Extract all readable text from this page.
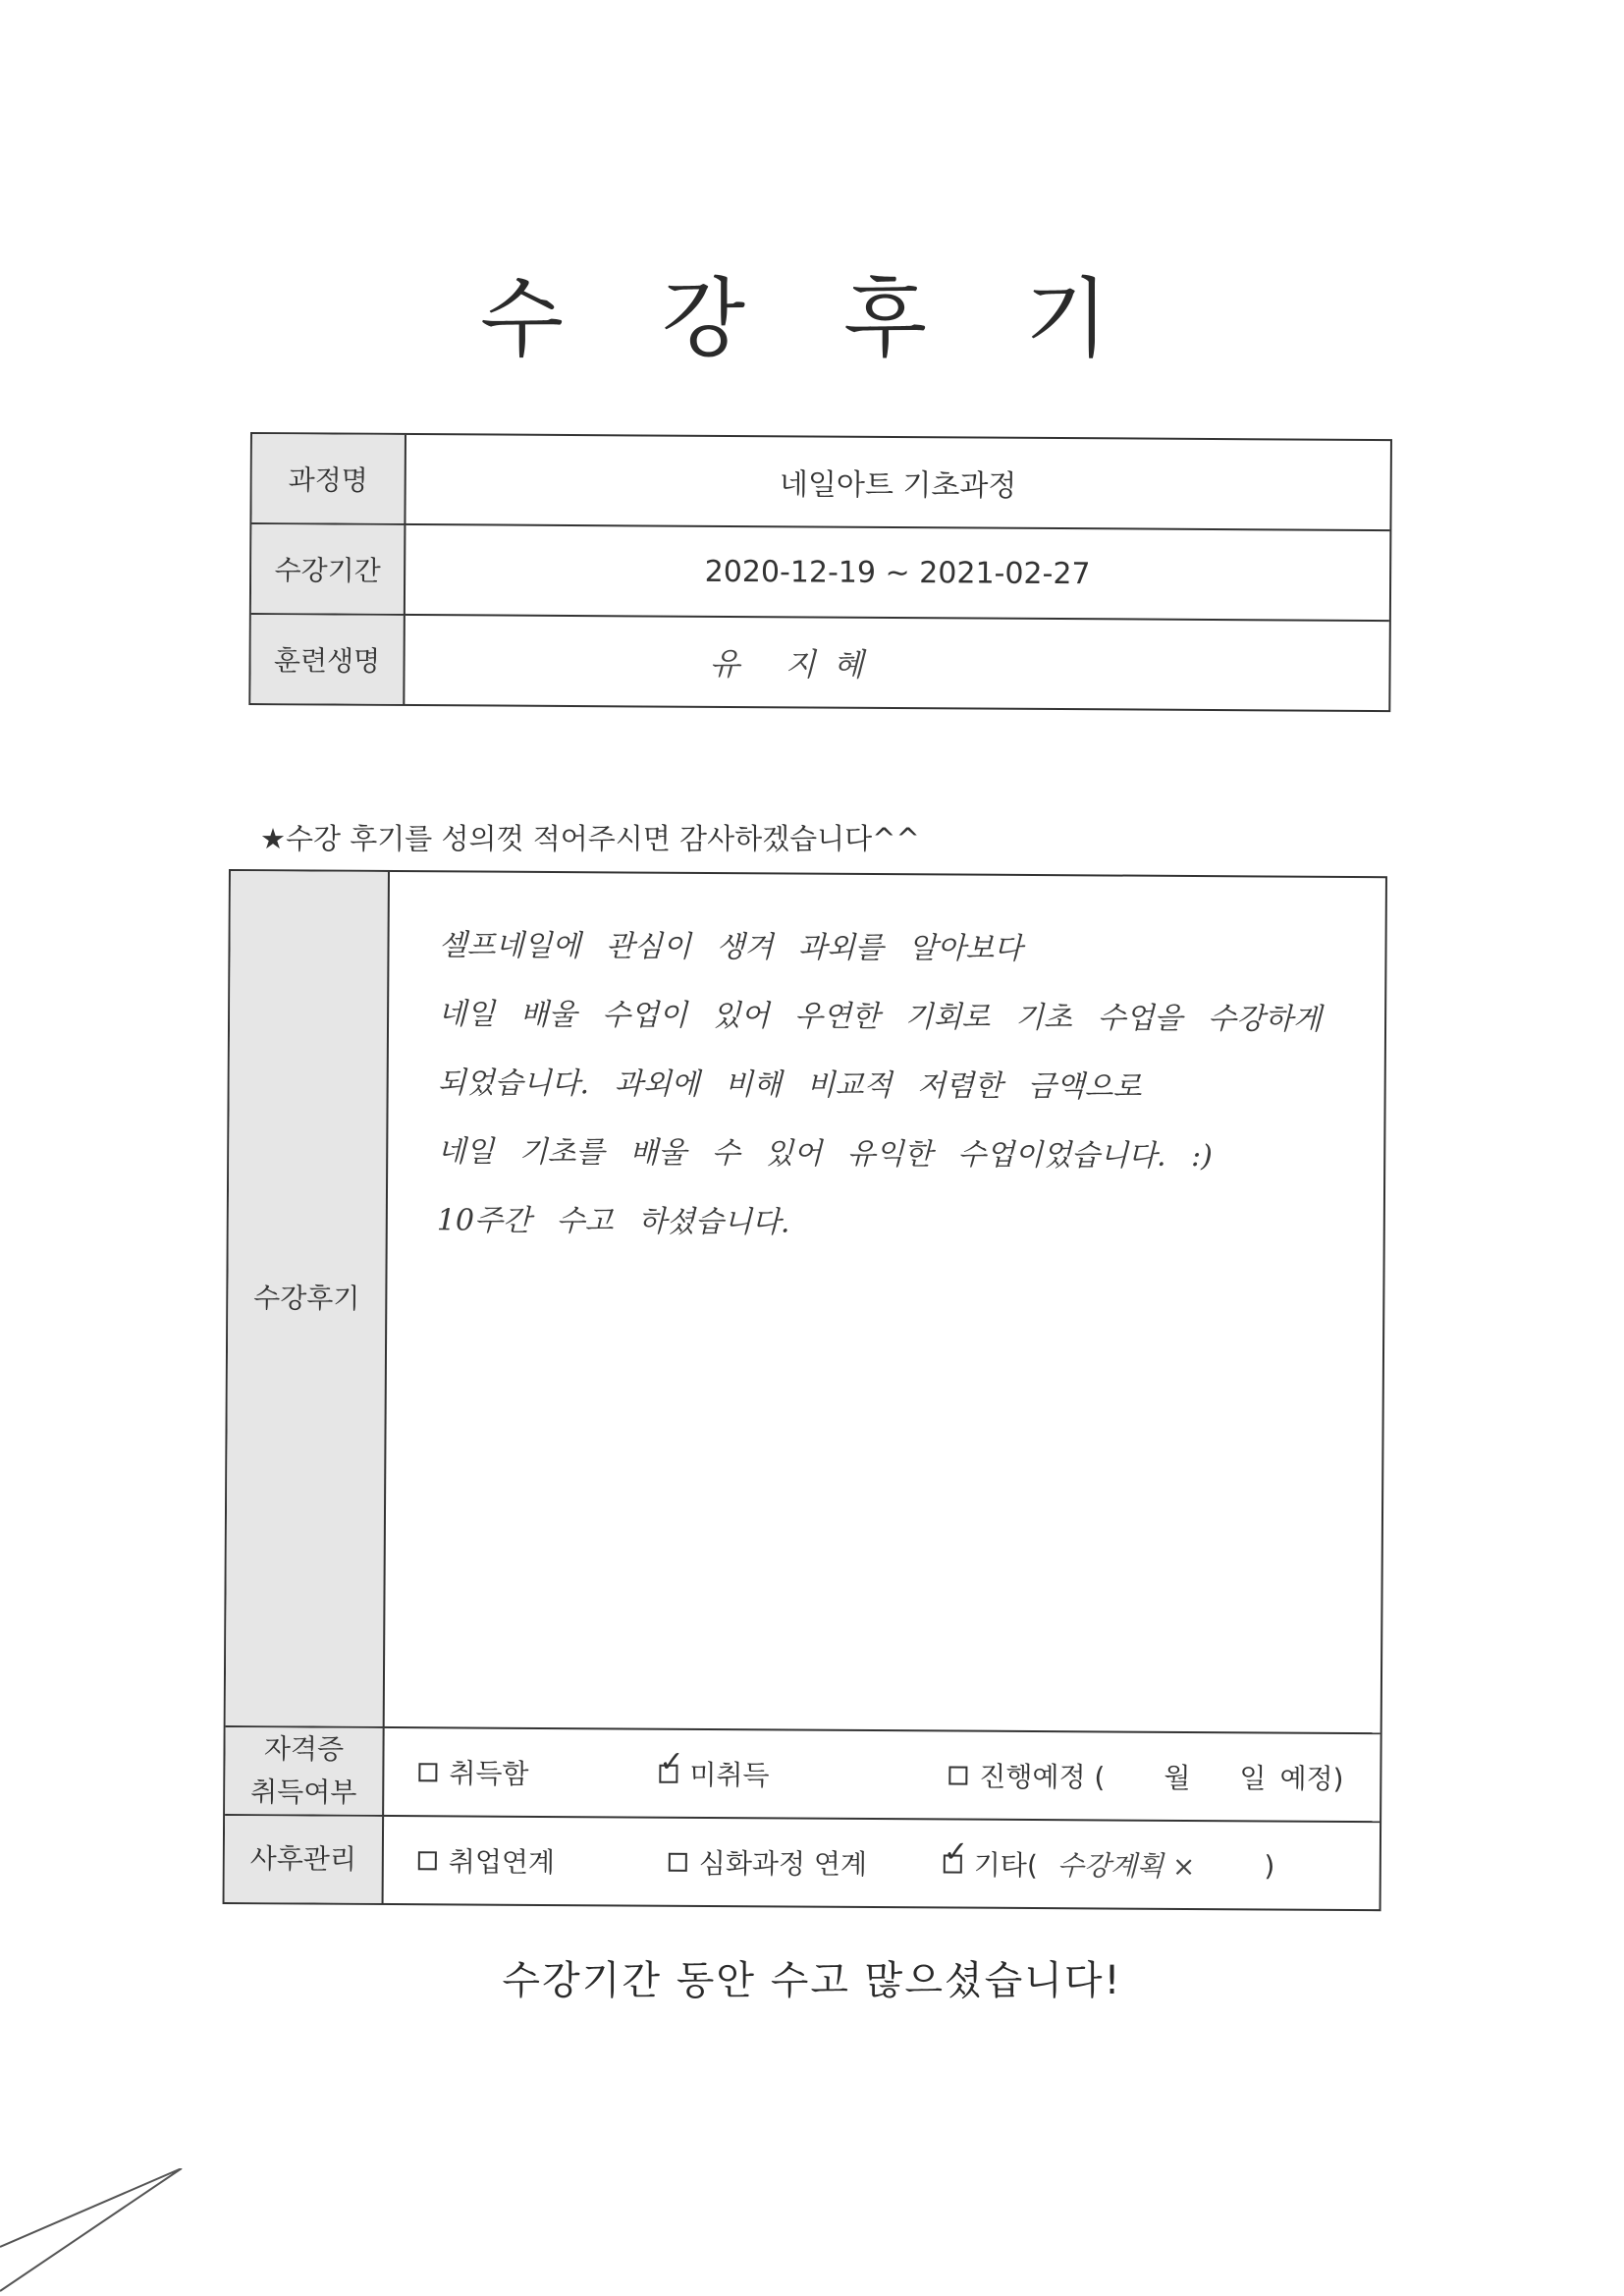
수 강 후 기
과정명	네일아트 기초과정
수강기간	2020-12-19 ~ 2021-02-27
훈련생명	유 지혜
★수강 후기를 성의껏 적어주시면 감사하겠습니다^^
수강후기
셀프네일에 관심이 생겨 과외를 알아보다
네일 배울 수업이 있어 우연한 기회로 기초 수업을 수강하게
되었습니다. 과외에 비해 비교적 저렴한 금액으로
네일 기초를 배울 수 있어 유익한 수업이었습니다. :)
10주간 수고 하셨습니다.
자격증
취득여부
취득함 ✓	미취득	진행예정 ( 월 일 예정)
사후관리	취업연계	심화과정 연계 ✓	기타( 수강계획 × )
수강기간 동안 수고 많으셨습니다!
